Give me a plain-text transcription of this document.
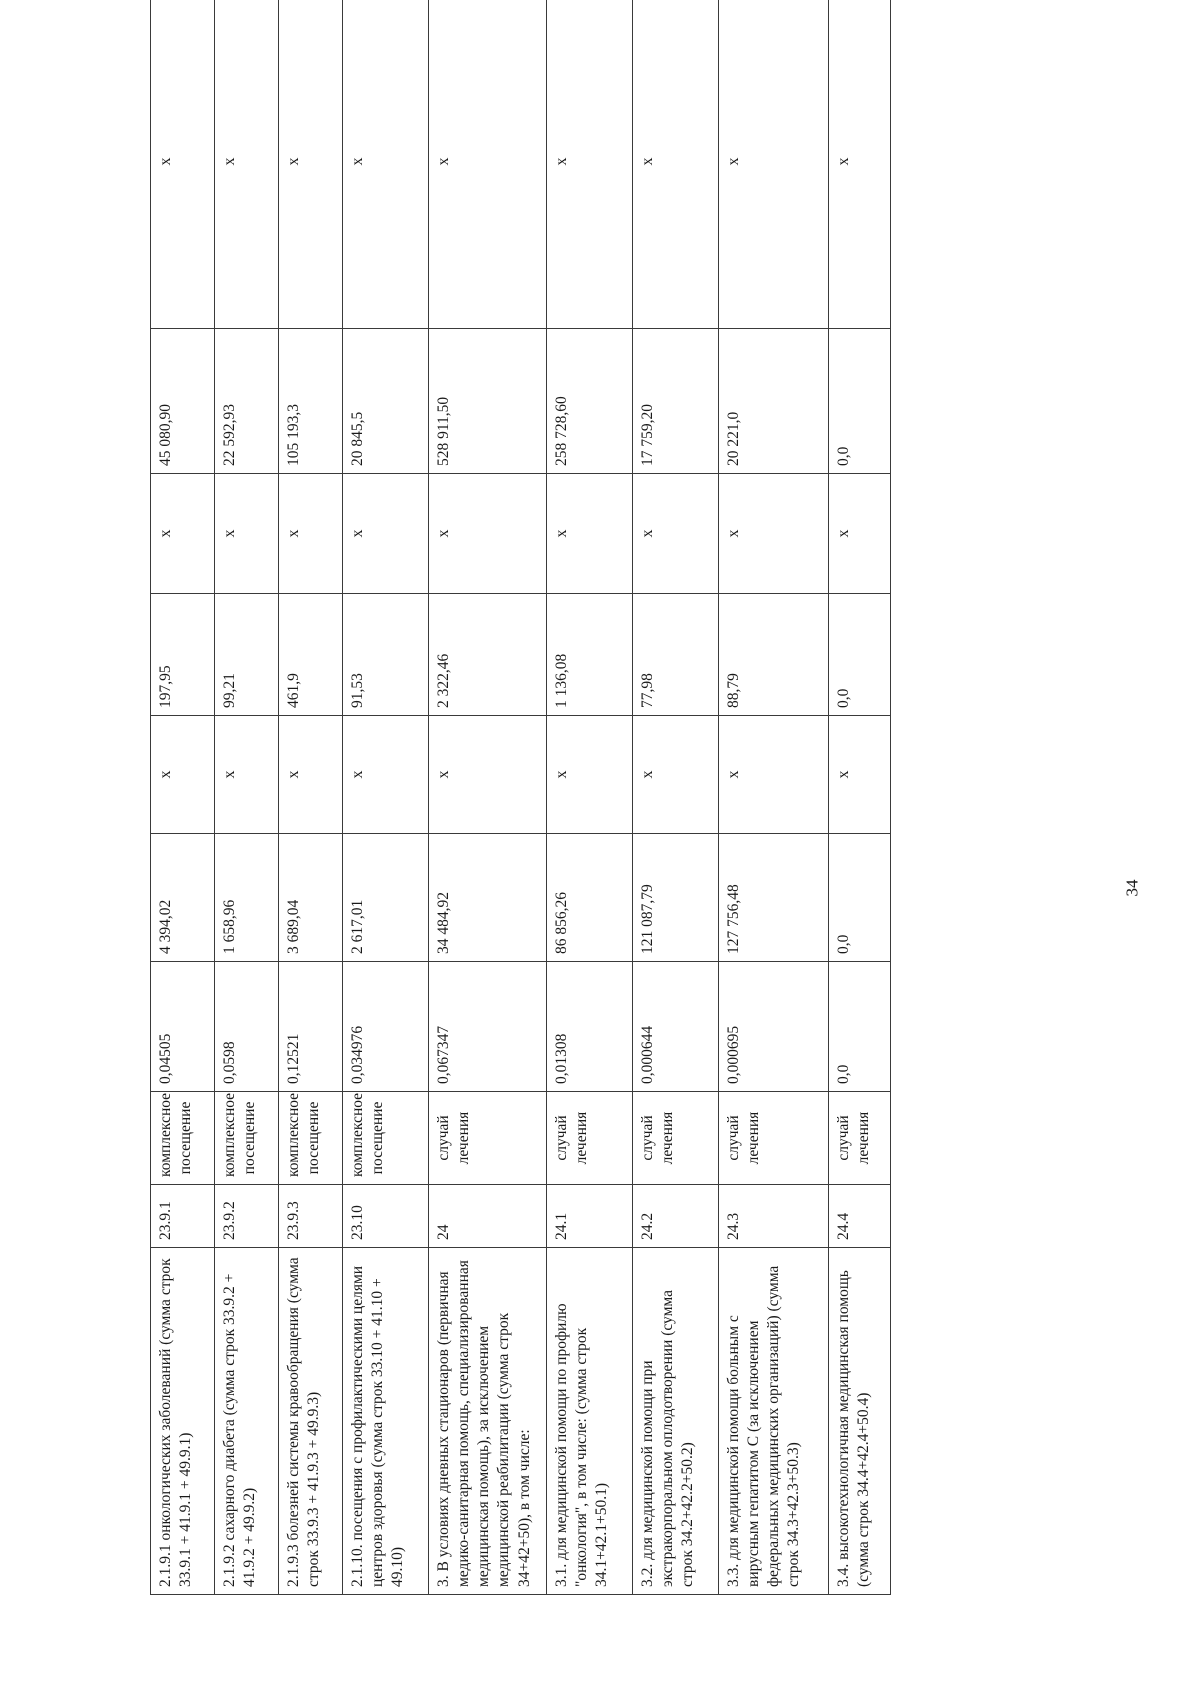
2.1.9.1 онкологических заболеваний (сумма строк 33.9.1 + 41.9.1 + 49.9.1)	23.9.1	комплексное посещение	0,04505	4 394,02	х	197,95	х	45 080,90	х
2.1.9.2 сахарного диабета (сумма строк 33.9.2 + 41.9.2 + 49.9.2)	23.9.2	комплексное посещение	0,0598	1 658,96	х	99,21	х	22 592,93	х
2.1.9.3 болезней системы кравообращения (сумма строк 33.9.3 + 41.9.3 + 49.9.3)	23.9.3	комплексное посещение	0,12521	3 689,04	х	461,9	х	105 193,3	х
2.1.10. посещения с профилактическими целями центров здоровья (сумма строк 33.10 + 41.10 + 49.10)	23.10	комплексное посещение	0,034976	2 617,01	х	91,53	х	20 845,5	х
3. В условиях дневных стационаров (первичная медико-санитарная помощь, специализированная медицинская помощь), за исключением медицинской реабилитации (сумма строк 34+42+50), в том числе:	24	случай лечения	0,067347	34 484,92	х	2 322,46	х	528 911,50	х
3.1. для медицинской помощи по профилю "онкология", в том числе: (сумма строк 34.1+42.1+50.1)	24.1	случай лечения	0,01308	86 856,26	х	1 136,08	х	258 728,60	х
3.2. для медицинской помощи при экстракорпоральном оплодотворении (сумма строк 34.2+42.2+50.2)	24.2	случай лечения	0,000644	121 087,79	х	77,98	х	17 759,20	х
3.3. для медицинской помощи больным с вирусным гепатитом С (за исключением федеральных медицинских организаций) (сумма строк 34.3+42.3+50.3)	24.3	случай лечения	0,000695	127 756,48	х	88,79	х	20 221,0	х
3.4. высокотехнологичная медицинская помощь (сумма строк 34.4+42.4+50.4)	24.4	случай лечения	0,0	0,0	х	0,0	х	0,0	х
34
